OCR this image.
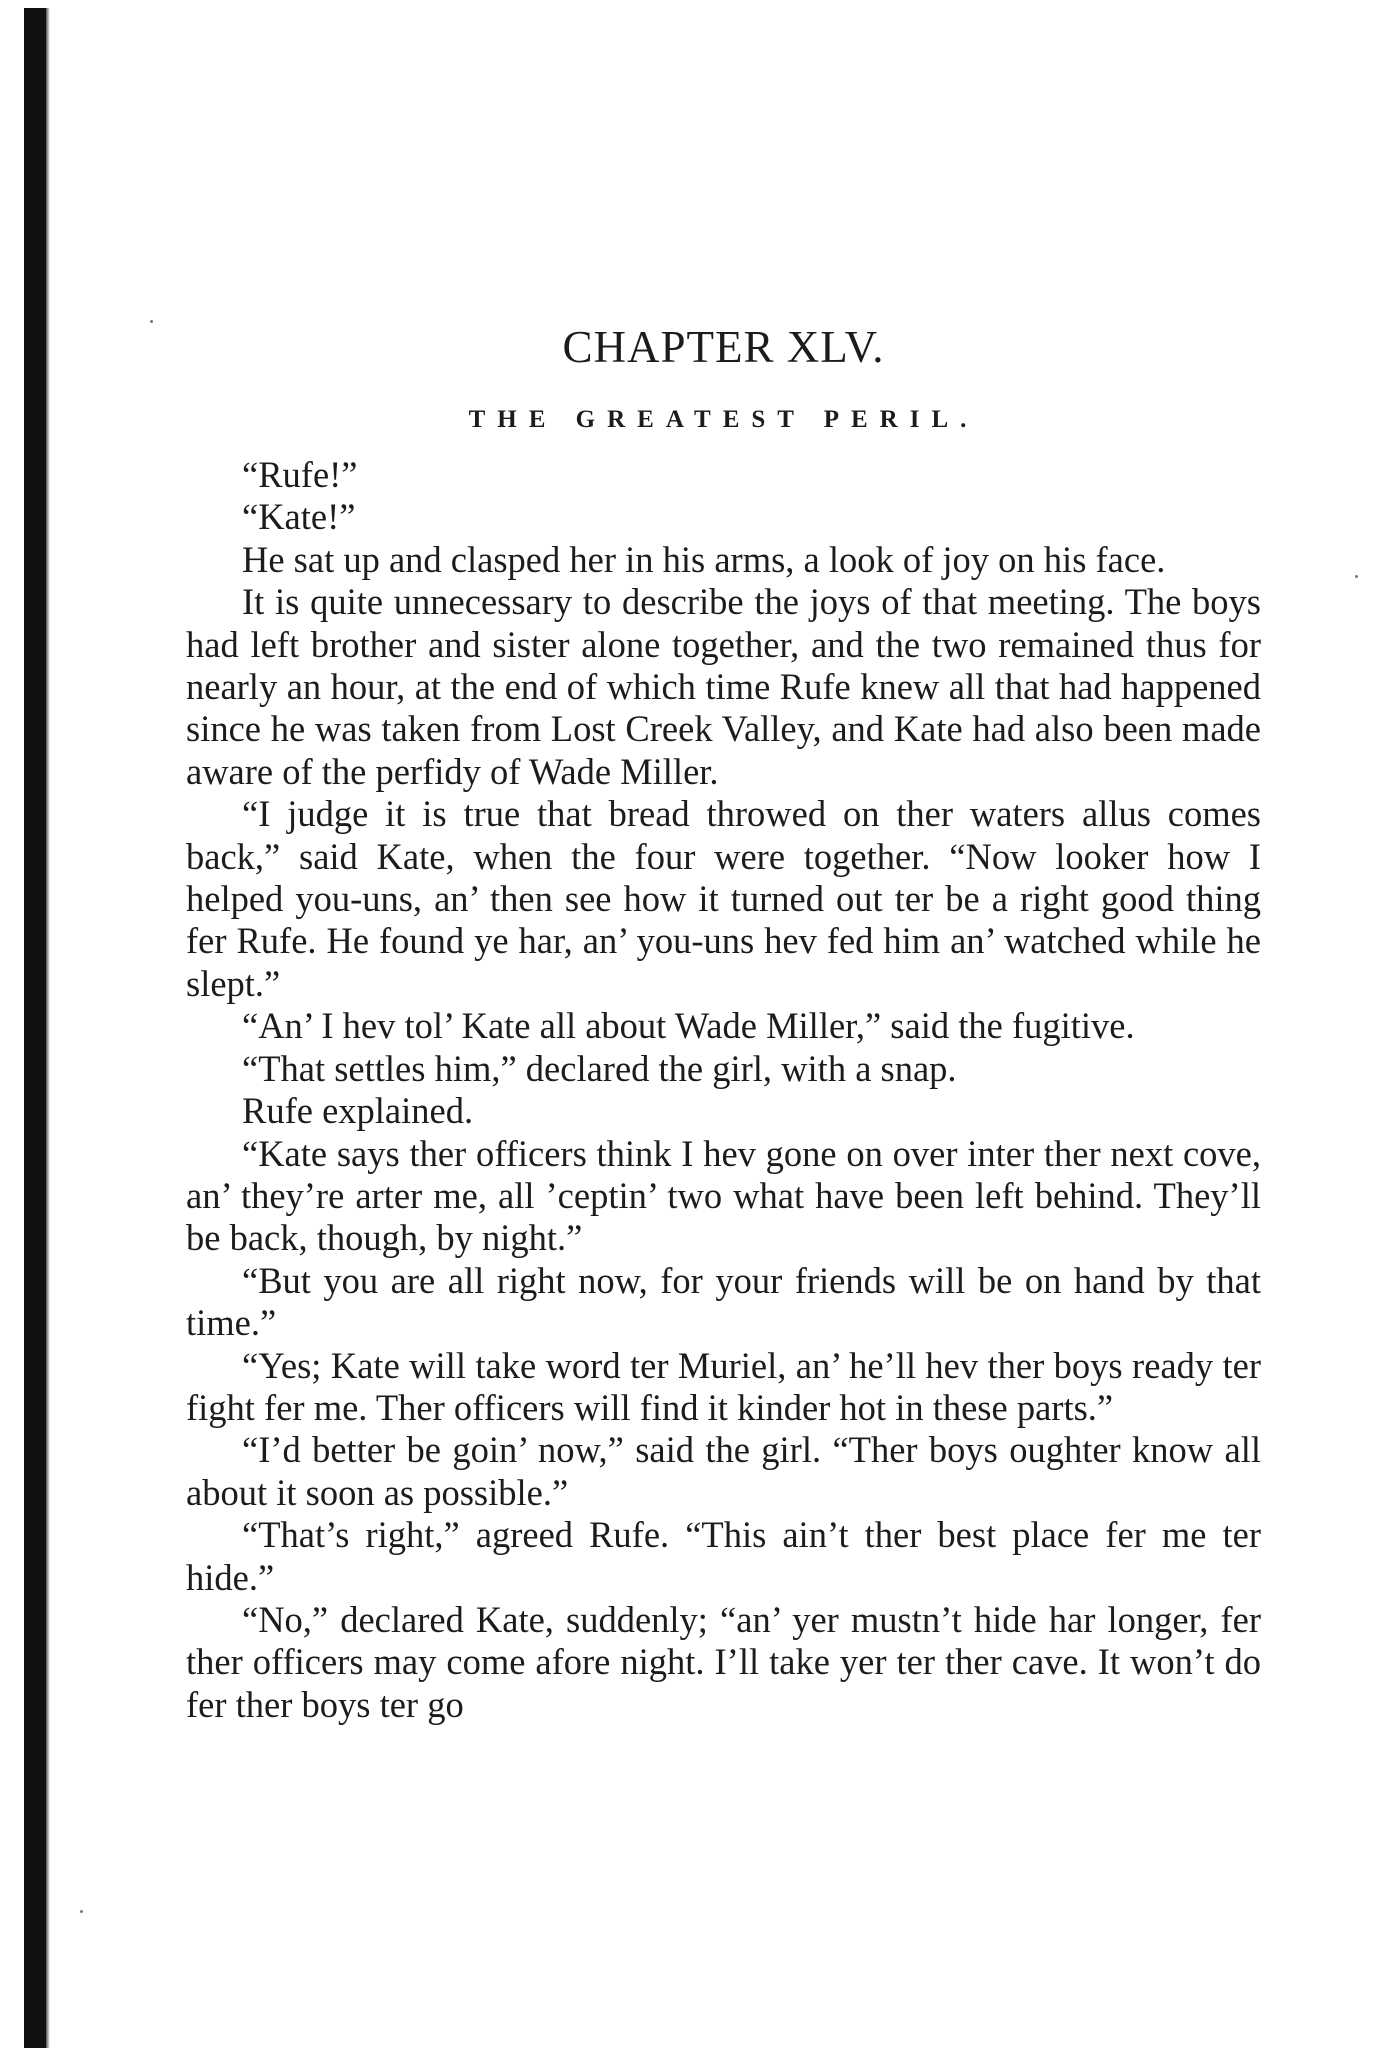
CHAPTER XLV.
THE GREATEST PERIL.

“Rufe!”

“Kate!”

He sat up and clasped her in his arms, a look of joy on his face.

It is quite unnecessary to describe the joys of that meeting. The boys had left brother and sister alone together, and the two remained thus for nearly an hour, at the end of which time Rufe knew all that had happened since he was taken from Lost Creek Valley, and Kate had also been made aware of the perfidy of Wade Miller.

“I judge it is true that bread throwed on ther waters allus comes back,” said Kate, when the four were together. “Now looker how I helped you-uns, an’ then see how it turned out ter be a right good thing fer Rufe. He found ye har, an’ you-uns hev fed him an’ watched while he slept.”

“An’ I hev tol’ Kate all about Wade Miller,” said the fugitive.

“That settles him,” declared the girl, with a snap.

Rufe explained.

“Kate says ther officers think I hev gone on over inter ther next cove, an’ they’re arter me, all ’ceptin’ two what have been left behind. They’ll be back, though, by night.”

“But you are all right now, for your friends will be on hand by that time.”

“Yes; Kate will take word ter Muriel, an’ he’ll hev ther boys ready ter fight fer me. Ther officers will find it kinder hot in these parts.”

“I’d better be goin’ now,” said the girl. “Ther boys oughter know all about it soon as possible.”

“That’s right,” agreed Rufe. “This ain’t ther best place fer me ter hide.”

“No,” declared Kate, suddenly; “an’ yer mustn’t hide har longer, fer ther officers may come afore night. I’ll take yer ter ther cave. It won’t do fer ther boys ter go
